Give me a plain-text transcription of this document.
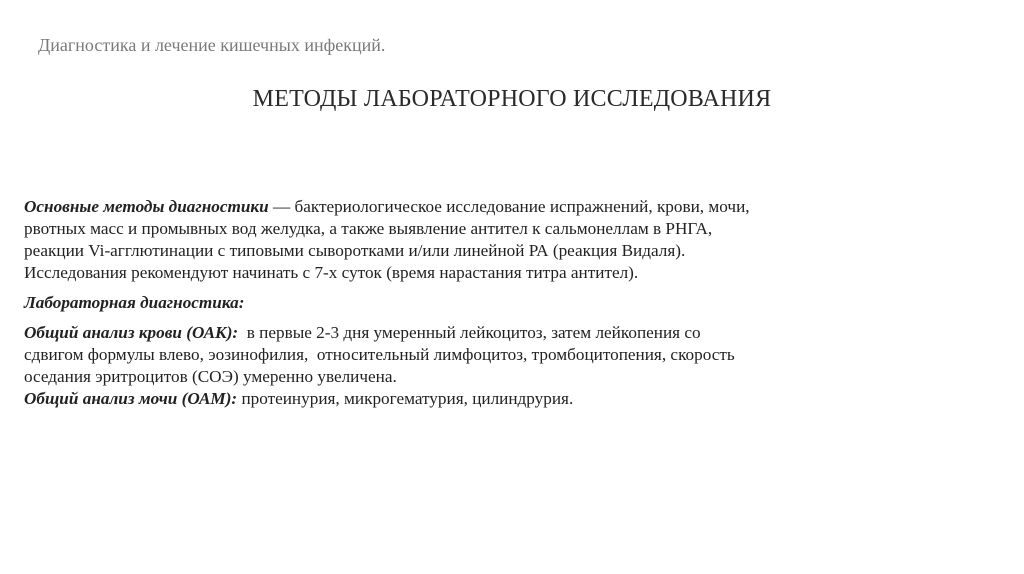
Диагностика и лечение кишечных инфекций.
МЕТОДЫ ЛАБОРАТОРНОГО ИССЛЕДОВАНИЯ
Основные методы диагностики — бактериологическое исследование испражнений, крови, мочи,
рвотных масс и промывных вод желудка, а также выявление антител к сальмонеллам в РНГА,
реакции Vi-агглютинации с типовыми сыворотками и/или линейной РА (реакция Видаля).
Исследования рекомендуют начинать с 7-х суток (время нарастания титра антител).
Лабораторная диагностика:
Общий анализ крови (ОАК):  в первые 2-3 дня умеренный лейкоцитоз, затем лейкопения со
сдвигом формулы влево, эозинофилия,  относительный лимфоцитоз, тромбоцитопения, скорость
оседания эритроцитов (СОЭ) умеренно увеличена.
Общий анализ мочи (ОАМ): протеинурия, микрогематурия, цилиндрурия.
